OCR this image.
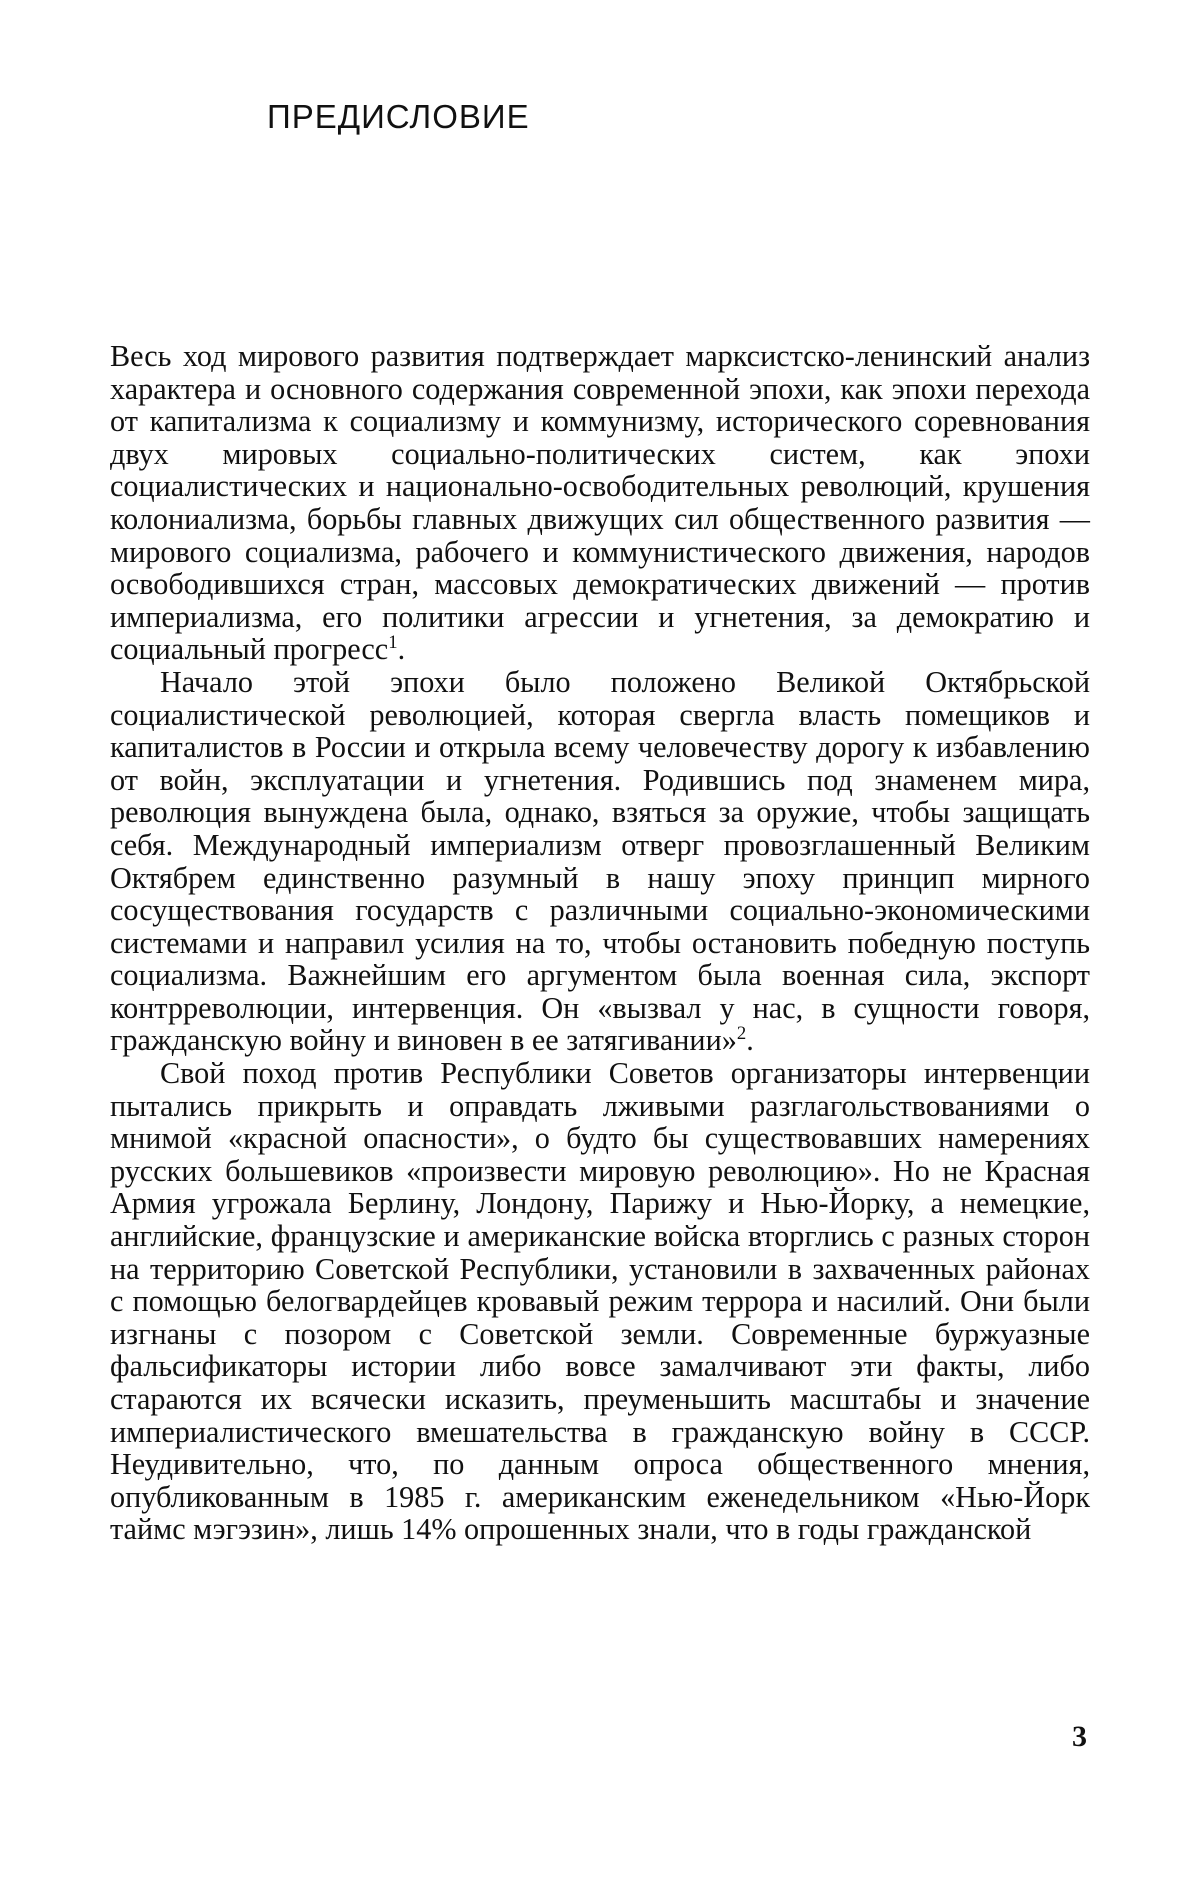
ПРЕДИСЛОВИЕ

Весь ход мирового развития подтверждает марксистско-ленинский анализ характера и основного содержания современной эпохи, как эпохи перехода от капитализма к социализму и коммунизму, исторического соревнования двух мировых социально-политических систем, как эпохи социалистических и национально-освободительных революций, крушения колониализма, борьбы главных движущих сил общественного развития — мирового социализма, рабочего и коммунистического движения, народов освободившихся стран, массовых демократических движений — против империализма, его политики агрессии и угнетения, за демократию и социальный прогресс$^1$.

Начало этой эпохи было положено Великой Октябрьской социалистической революцией, которая свергла власть помещиков и капиталистов в России и открыла всему человечеству дорогу к избавлению от войн, эксплуатации и угнетения. Родившись под знаменем мира, революция вынуждена была, однако, взяться за оружие, чтобы защищать себя. Международный империализм отверг провозглашенный Великим Октябрем единственно разумный в нашу эпоху принцип мирного сосуществования государств с различными социально-экономическими системами и направил усилия на то, чтобы остановить победную поступь социализма. Важнейшим его аргументом была военная сила, экспорт контрреволюции, интервенция. Он «вызвал у нас, в сущности говоря, гражданскую войну и виновен в ее затягивании»$^2$.

Свой поход против Республики Советов организаторы интервенции пытались прикрыть и оправдать лживыми разглагольствованиями о мнимой «красной опасности», о будто бы существовавших намерениях русских большевиков «произвести мировую революцию». Но не Красная Армия угрожала Берлину, Лондону, Парижу и Нью-Йорку, а немецкие, английские, французские и американские войска вторглись с разных сторон на территорию Советской Республики, установили в захваченных районах с помощью белогвардейцев кровавый режим террора и насилий. Они были изгнаны с позором с Советской земли. Современные буржуазные фальсификаторы истории либо вовсе замалчивают эти факты, либо стараются их всячески исказить, преуменьшить масштабы и значение империалистического вмешательства в гражданскую войну в СССР. Неудивительно, что, по данным опроса общественного мнения, опубликованным в 1985 г. американским еженедельником «Нью-Йорк таймс мэгэзин», лишь 14% опрошенных знали, что в годы гражданской

3
